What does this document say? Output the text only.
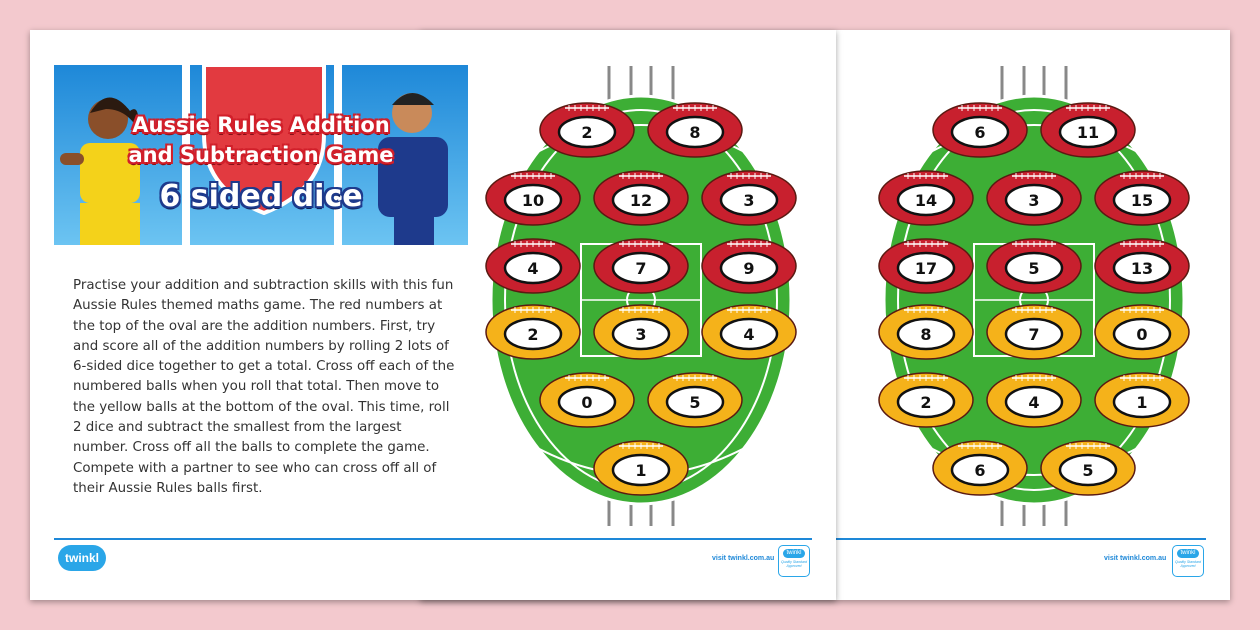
6	11
14	3	15
17	5	13
8	7	0
2	4	1
6	5
visit twinkl.com.au
twinkl
Quality Standard Approved
Aussie Rules Addition
and Subtraction Game
6 sided dice
Practise your addition and subtraction skills with this fun Aussie Rules themed maths game. The red numbers at the top of the oval are the addition numbers. First, try and score all of the addition numbers by rolling 2 lots of 6-sided dice together to get a total. Cross off each of the numbered balls when you roll that total. Then move to the yellow balls at the bottom of the oval. This time, roll 2 dice and subtract the smallest from the largest number. Cross off all the balls to complete the game. Compete with a partner to see who can cross off all of their Aussie Rules balls first.
2	8
10	12	3
4	7	9
2	3	4
0	5
1
twinkl	visit twinkl.com.au
twinkl
Quality Standard Approved
